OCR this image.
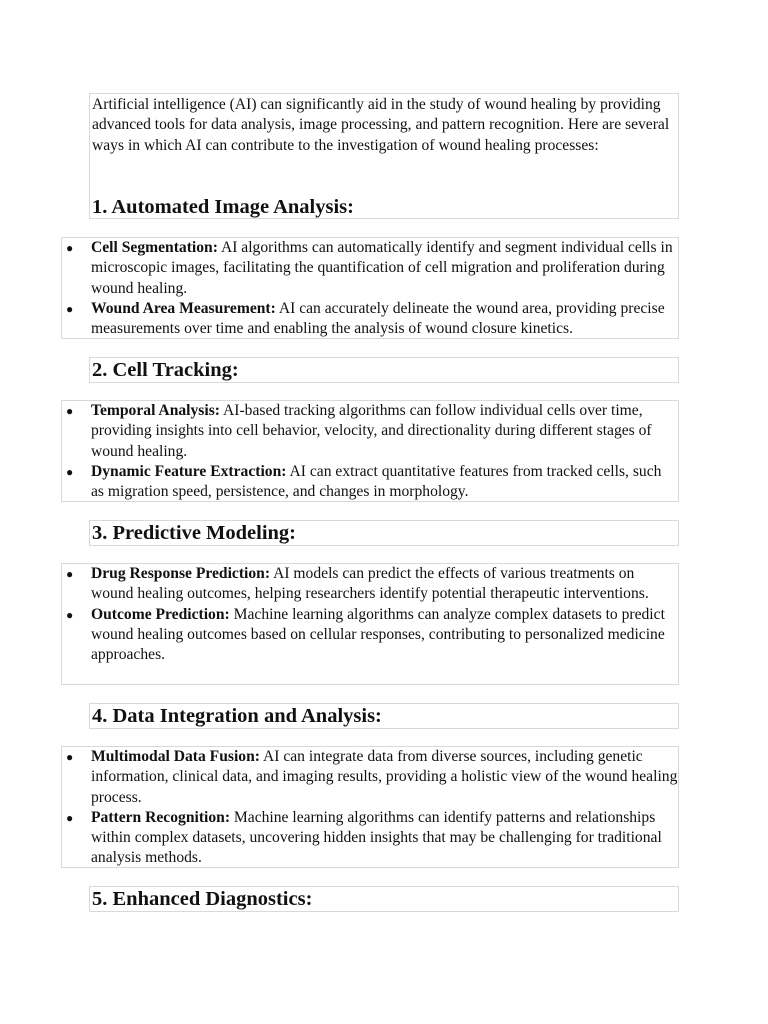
Artificial intelligence (AI) can significantly aid in the study of wound healing by providing advanced tools for data analysis, image processing, and pattern recognition. Here are several ways in which AI can contribute to the investigation of wound healing processes:

1. Automated Image Analysis:
● Cell Segmentation: AI algorithms can automatically identify and segment individual cells in microscopic images, facilitating the quantification of cell migration and proliferation during wound healing.
● Wound Area Measurement: AI can accurately delineate the wound area, providing precise measurements over time and enabling the analysis of wound closure kinetics.
2. Cell Tracking:
● Temporal Analysis: AI-based tracking algorithms can follow individual cells over time, providing insights into cell behavior, velocity, and directionality during different stages of wound healing.
● Dynamic Feature Extraction: AI can extract quantitative features from tracked cells, such as migration speed, persistence, and changes in morphology.
3. Predictive Modeling:
● Drug Response Prediction: AI models can predict the effects of various treatments on wound healing outcomes, helping researchers identify potential therapeutic interventions.
● Outcome Prediction: Machine learning algorithms can analyze complex datasets to predict wound healing outcomes based on cellular responses, contributing to personalized medicine approaches.
4. Data Integration and Analysis:
● Multimodal Data Fusion: AI can integrate data from diverse sources, including genetic information, clinical data, and imaging results, providing a holistic view of the wound healing process.
● Pattern Recognition: Machine learning algorithms can identify patterns and relationships within complex datasets, uncovering hidden insights that may be challenging for traditional analysis methods.
5. Enhanced Diagnostics:
